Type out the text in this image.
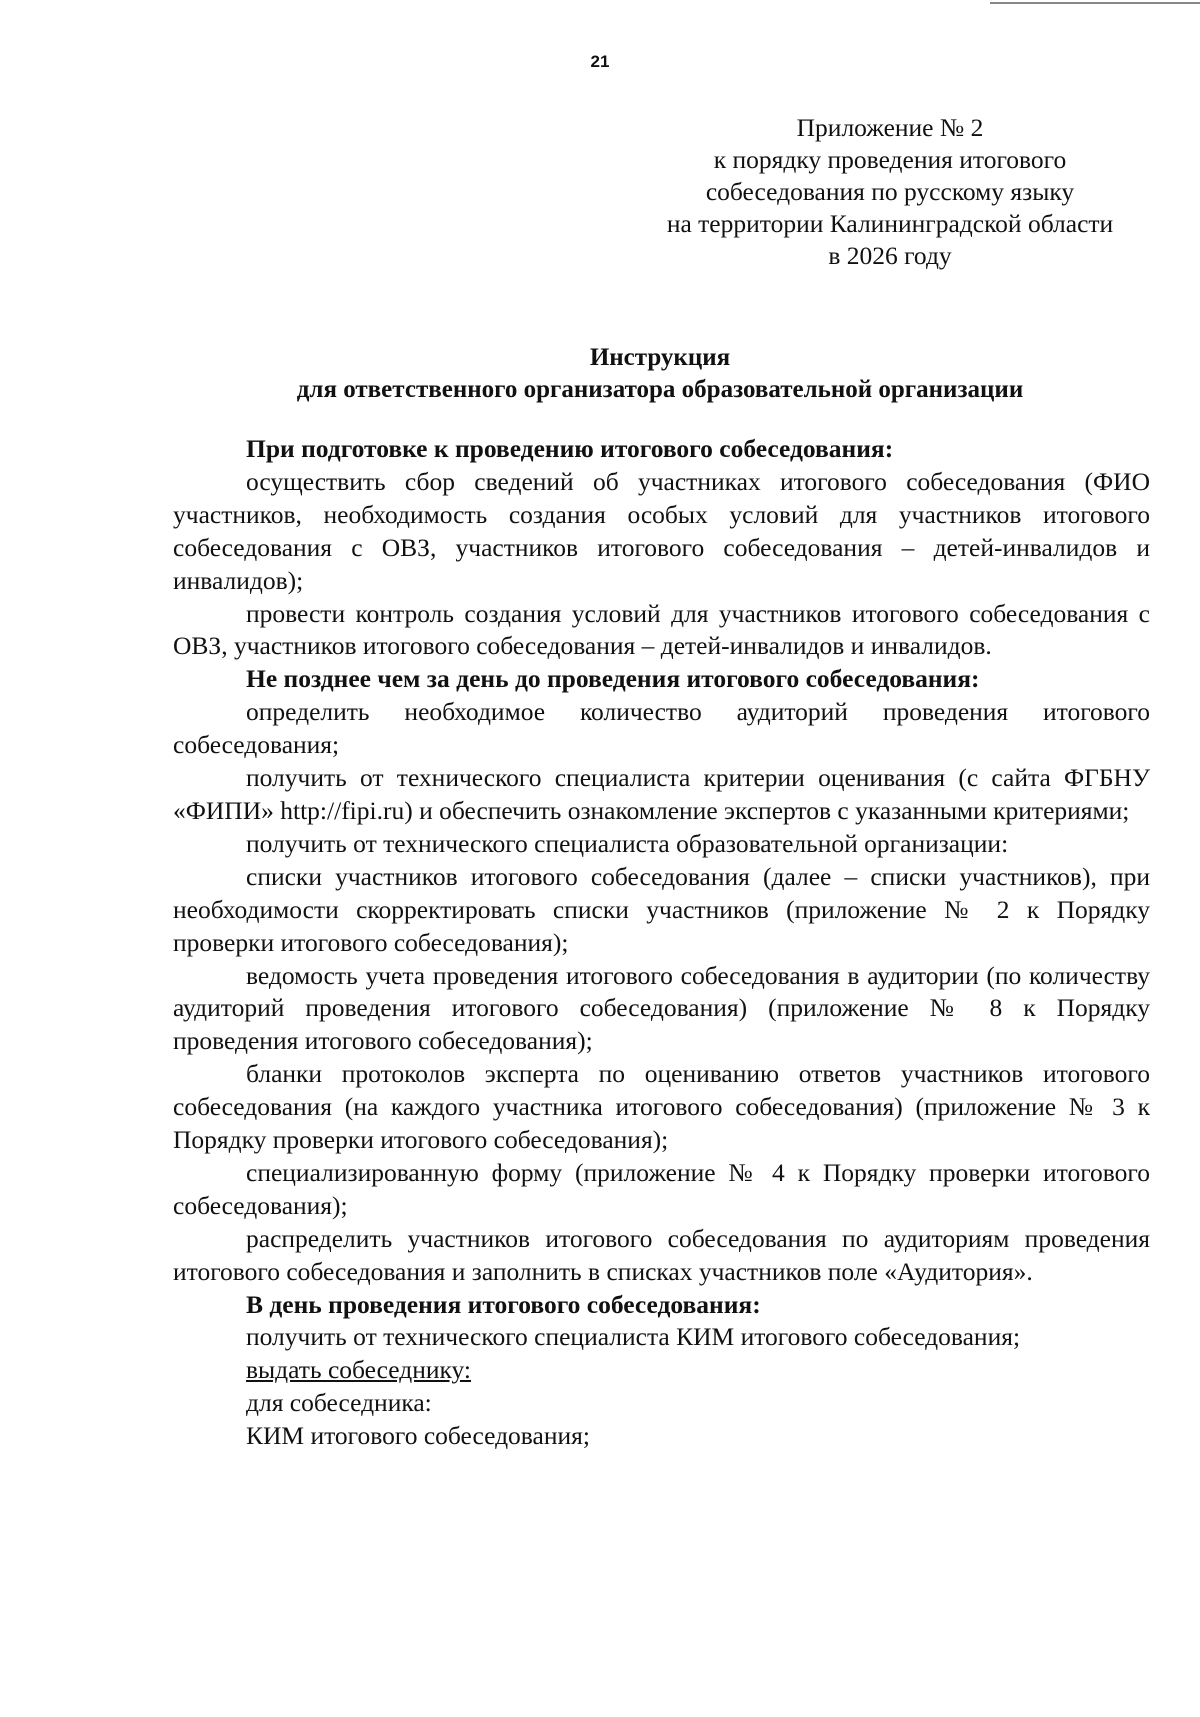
21
Приложение № 2
к порядку проведения итогового
собеседования по русскому языку
на территории Калининградской области
в 2026 году
Инструкция
для ответственного организатора образовательной организации

При подготовке к проведению итогового собеседования:

осуществить сбор сведений об участниках итогового собеседования (ФИО участников, необходимость создания особых условий для участников итогового собеседования с ОВЗ, участников итогового собеседования – детей-инвалидов и инвалидов);

провести контроль создания условий для участников итогового собеседования с ОВЗ, участников итогового собеседования – детей-инвалидов и инвалидов.

Не позднее чем за день до проведения итогового собеседования:

определить необходимое количество аудиторий проведения итогового собеседования;

получить от технического специалиста критерии оценивания (с сайта ФГБНУ «ФИПИ» http://fipi.ru) и обеспечить ознакомление экспертов с указанными критериями;

получить от технического специалиста образовательной организации:

списки участников итогового собеседования (далее – списки участников), при необходимости скорректировать списки участников (приложение № 2 к Порядку проверки итогового собеседования);

ведомость учета проведения итогового собеседования в аудитории (по количеству аудиторий проведения итогового собеседования) (приложение № 8 к Порядку проведения итогового собеседования);

бланки протоколов эксперта по оцениванию ответов участников итогового собеседования (на каждого участника итогового собеседования) (приложение № 3 к Порядку проверки итогового собеседования);

специализированную форму (приложение № 4 к Порядку проверки итогового собеседования);

распределить участников итогового собеседования по аудиториям проведения итогового собеседования и заполнить в списках участников поле «Аудитория».

В день проведения итогового собеседования:

получить от технического специалиста КИМ итогового собеседования;

выдать собеседнику:

для собеседника:

КИМ итогового собеседования;
